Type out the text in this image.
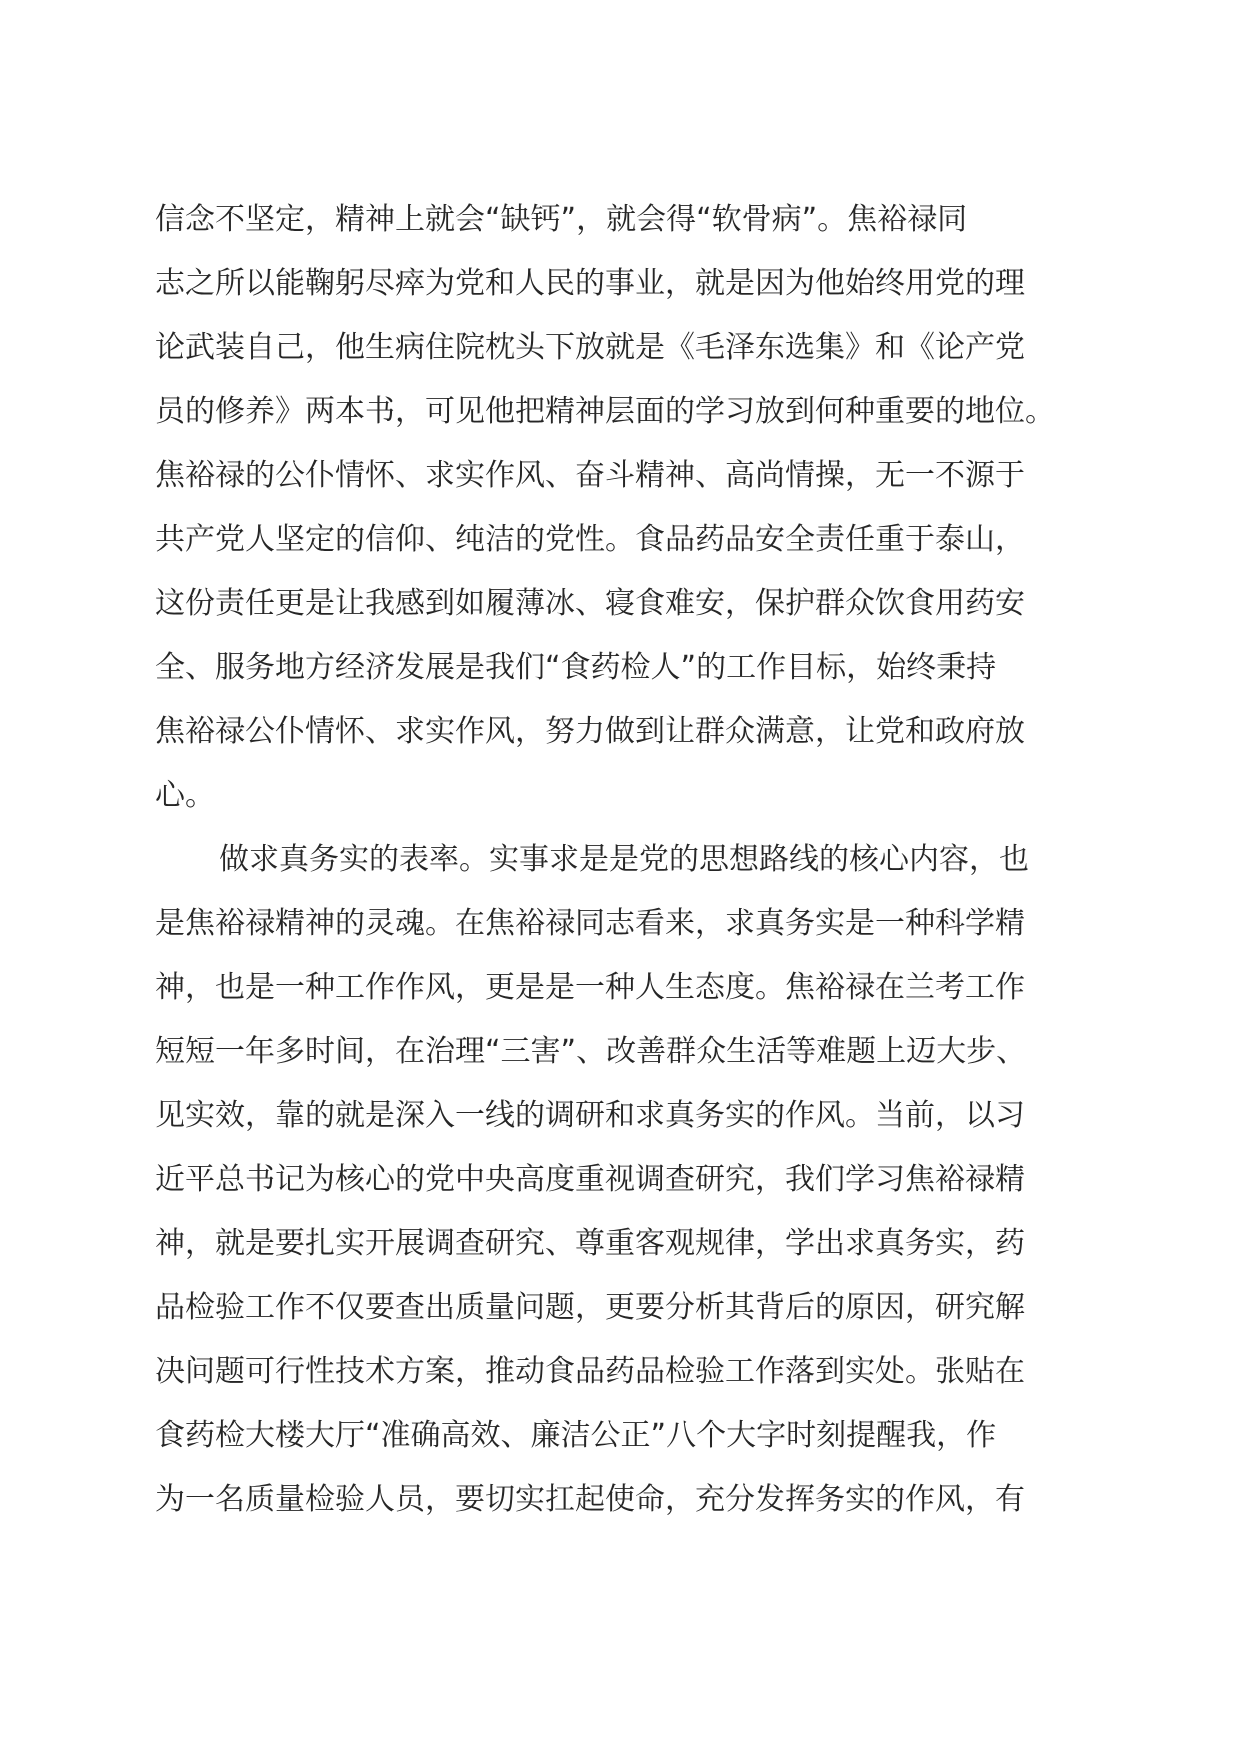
信念不坚定，精神上就会“缺钙”，就会得“软骨病”。焦裕禄同
志之所以能鞠躬尽瘁为党和人民的事业，就是因为他始终用党的理
论武装自己，他生病住院枕头下放就是《毛泽东选集》和《论产党
员的修养》两本书，可见他把精神层面的学习放到何种重要的地位。
焦裕禄的公仆情怀、求实作风、奋斗精神、高尚情操，无一不源于
共产党人坚定的信仰、纯洁的党性。食品药品安全责任重于泰山，
这份责任更是让我感到如履薄冰、寝食难安，保护群众饮食用药安
全、服务地方经济发展是我们“食药检人”的工作目标，始终秉持
焦裕禄公仆情怀、求实作风，努力做到让群众满意，让党和政府放
心。
做求真务实的表率。实事求是是党的思想路线的核心内容，也
是焦裕禄精神的灵魂。在焦裕禄同志看来，求真务实是一种科学精
神，也是一种工作作风，更是是一种人生态度。焦裕禄在兰考工作
短短一年多时间，在治理“三害”、改善群众生活等难题上迈大步、
见实效，靠的就是深入一线的调研和求真务实的作风。当前，以习
近平总书记为核心的党中央高度重视调查研究，我们学习焦裕禄精
神，就是要扎实开展调查研究、尊重客观规律，学出求真务实，药
品检验工作不仅要查出质量问题，更要分析其背后的原因，研究解
决问题可行性技术方案，推动食品药品检验工作落到实处。张贴在
食药检大楼大厅“准确高效、廉洁公正”八个大字时刻提醒我，作
为一名质量检验人员，要切实扛起使命，充分发挥务实的作风，有
